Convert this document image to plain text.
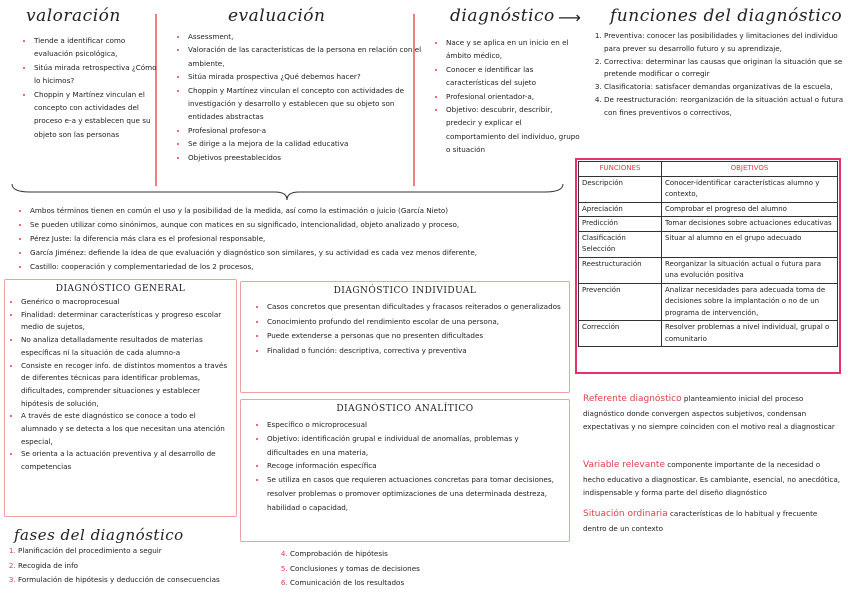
valoración	evaluación	diagnóstico ⟶ funciones del diagnóstico
• Tiende a identificar como evaluación psicológica,
• Sitúa mirada retrospectiva ¿Cómo lo hicimos?
• Choppin y Martínez vinculan el concepto con actividades del proceso e-a y establecen que su objeto son las personas
• Assessment,
• Valoración de las características de la persona en relación con el ambiente,
• Sitúa mirada prospectiva ¿Qué debemos hacer?
• Choppin y Martínez vinculan el concepto con actividades de investigación y desarrollo y establecen que su objeto son entidades abstractas
• Profesional profesor-a
• Se dirige a la mejora de la calidad educativa
• Objetivos preestablecidos
• Nace y se aplica en un inicio en el ámbito médico,
• Conocer e identificar las características del sujeto
• Profesional orientador-a,
• Objetivo: descubrir, describir, predecir y explicar el comportamiento del individuo, grupo o situación
1. Preventiva: conocer las posibilidades y limitaciones del individuo para prever su desarrollo futuro y su aprendizaje,
2. Correctiva: determinar las causas que originan la situación que se pretende modificar o corregir
3. Clasificatoria: satisfacer demandas organizativas de la escuela,
4. De reestructuración: reorganización de la situación actual o futura con fines preventivos o correctivos,
• Ambos términos tienen en común el uso y la posibilidad de la medida, así como la estimación o juicio (García Nieto)
• Se pueden utilizar como sinónimos, aunque con matices en su significado, intencionalidad, objeto analizado y proceso,
• Pérez Juste: la diferencia más clara es el profesional responsable,
• García Jiménez: defiende la idea de que evaluación y diagnóstico son similares, y su actividad es cada vez menos diferente,
• Castillo: cooperación y complementariedad de los 2 procesos,
DIAGNÓSTICO GENERAL
• Genérico o macroprocesual
• Finalidad: determinar características y progreso escolar medio de sujetos,
• No analiza detalladamente resultados de materias específicas ni la situación de cada alumno-a
• Consiste en recoger info. de distintos momentos a través de diferentes técnicas para identificar problemas, dificultades, comprender situaciones y establecer hipótesis de solución,
• A través de este diagnóstico se conoce a todo el alumnado y se detecta a los que necesitan una atención especial,
• Se orienta a la actuación preventiva y al desarrollo de competencias
DIAGNÓSTICO INDIVIDUAL
• Casos concretos que presentan dificultades y fracasos reiterados o generalizados
• Conocimiento profundo del rendimiento escolar de una persona,
• Puede extenderse a personas que no presenten dificultades
• Finalidad o función: descriptiva, correctiva y preventiva
DIAGNÓSTICO ANALÍTICO
• Específico o microprocesual
• Objetivo: identificación grupal e individual de anomalías, problemas y dificultades en una materia,
• Recoge información específica
• Se utiliza en casos que requieren actuaciones concretas para tomar decisiones, resolver problemas o promover optimizaciones de una determinada destreza, habilidad o capacidad,
fases del diagnóstico
1. Planificación del procedimiento a seguir
2. Recogida de info
3. Formulación de hipótesis y deducción de consecuencias
4. Comprobación de hipótesis
5. Conclusiones y tomas de decisiones
6. Comunicación de los resultados
FUNCIONES	OBJETIVOS
Descripción	Conocer-identificar características alumno y contexto,
Apreciación	Comprobar el progreso del alumno
Predicción	Tomar decisiones sobre actuaciones educativas
Clasificación Selección	Situar al alumno en el grupo adecuado
Reestructuración	Reorganizar la situación actual o futura para una evolución positiva
Prevención	Analizar necesidades para adecuada toma de decisiones sobre la implantación o no de un programa de intervención,
Corrección	Resolver problemas a nivel individual, grupal o comunitario
Referente diagnóstico planteamiento inicial del proceso diagnóstico donde convergen aspectos subjetivos, condensan expectativas y no siempre coinciden con el motivo real a diagnosticar
Variable relevante componente importante de la necesidad o hecho educativo a diagnosticar. Es cambiante, esencial, no anecdótica, indispensable y forma parte del diseño diagnóstico
Situación ordinaria características de lo habitual y frecuente dentro de un contexto
